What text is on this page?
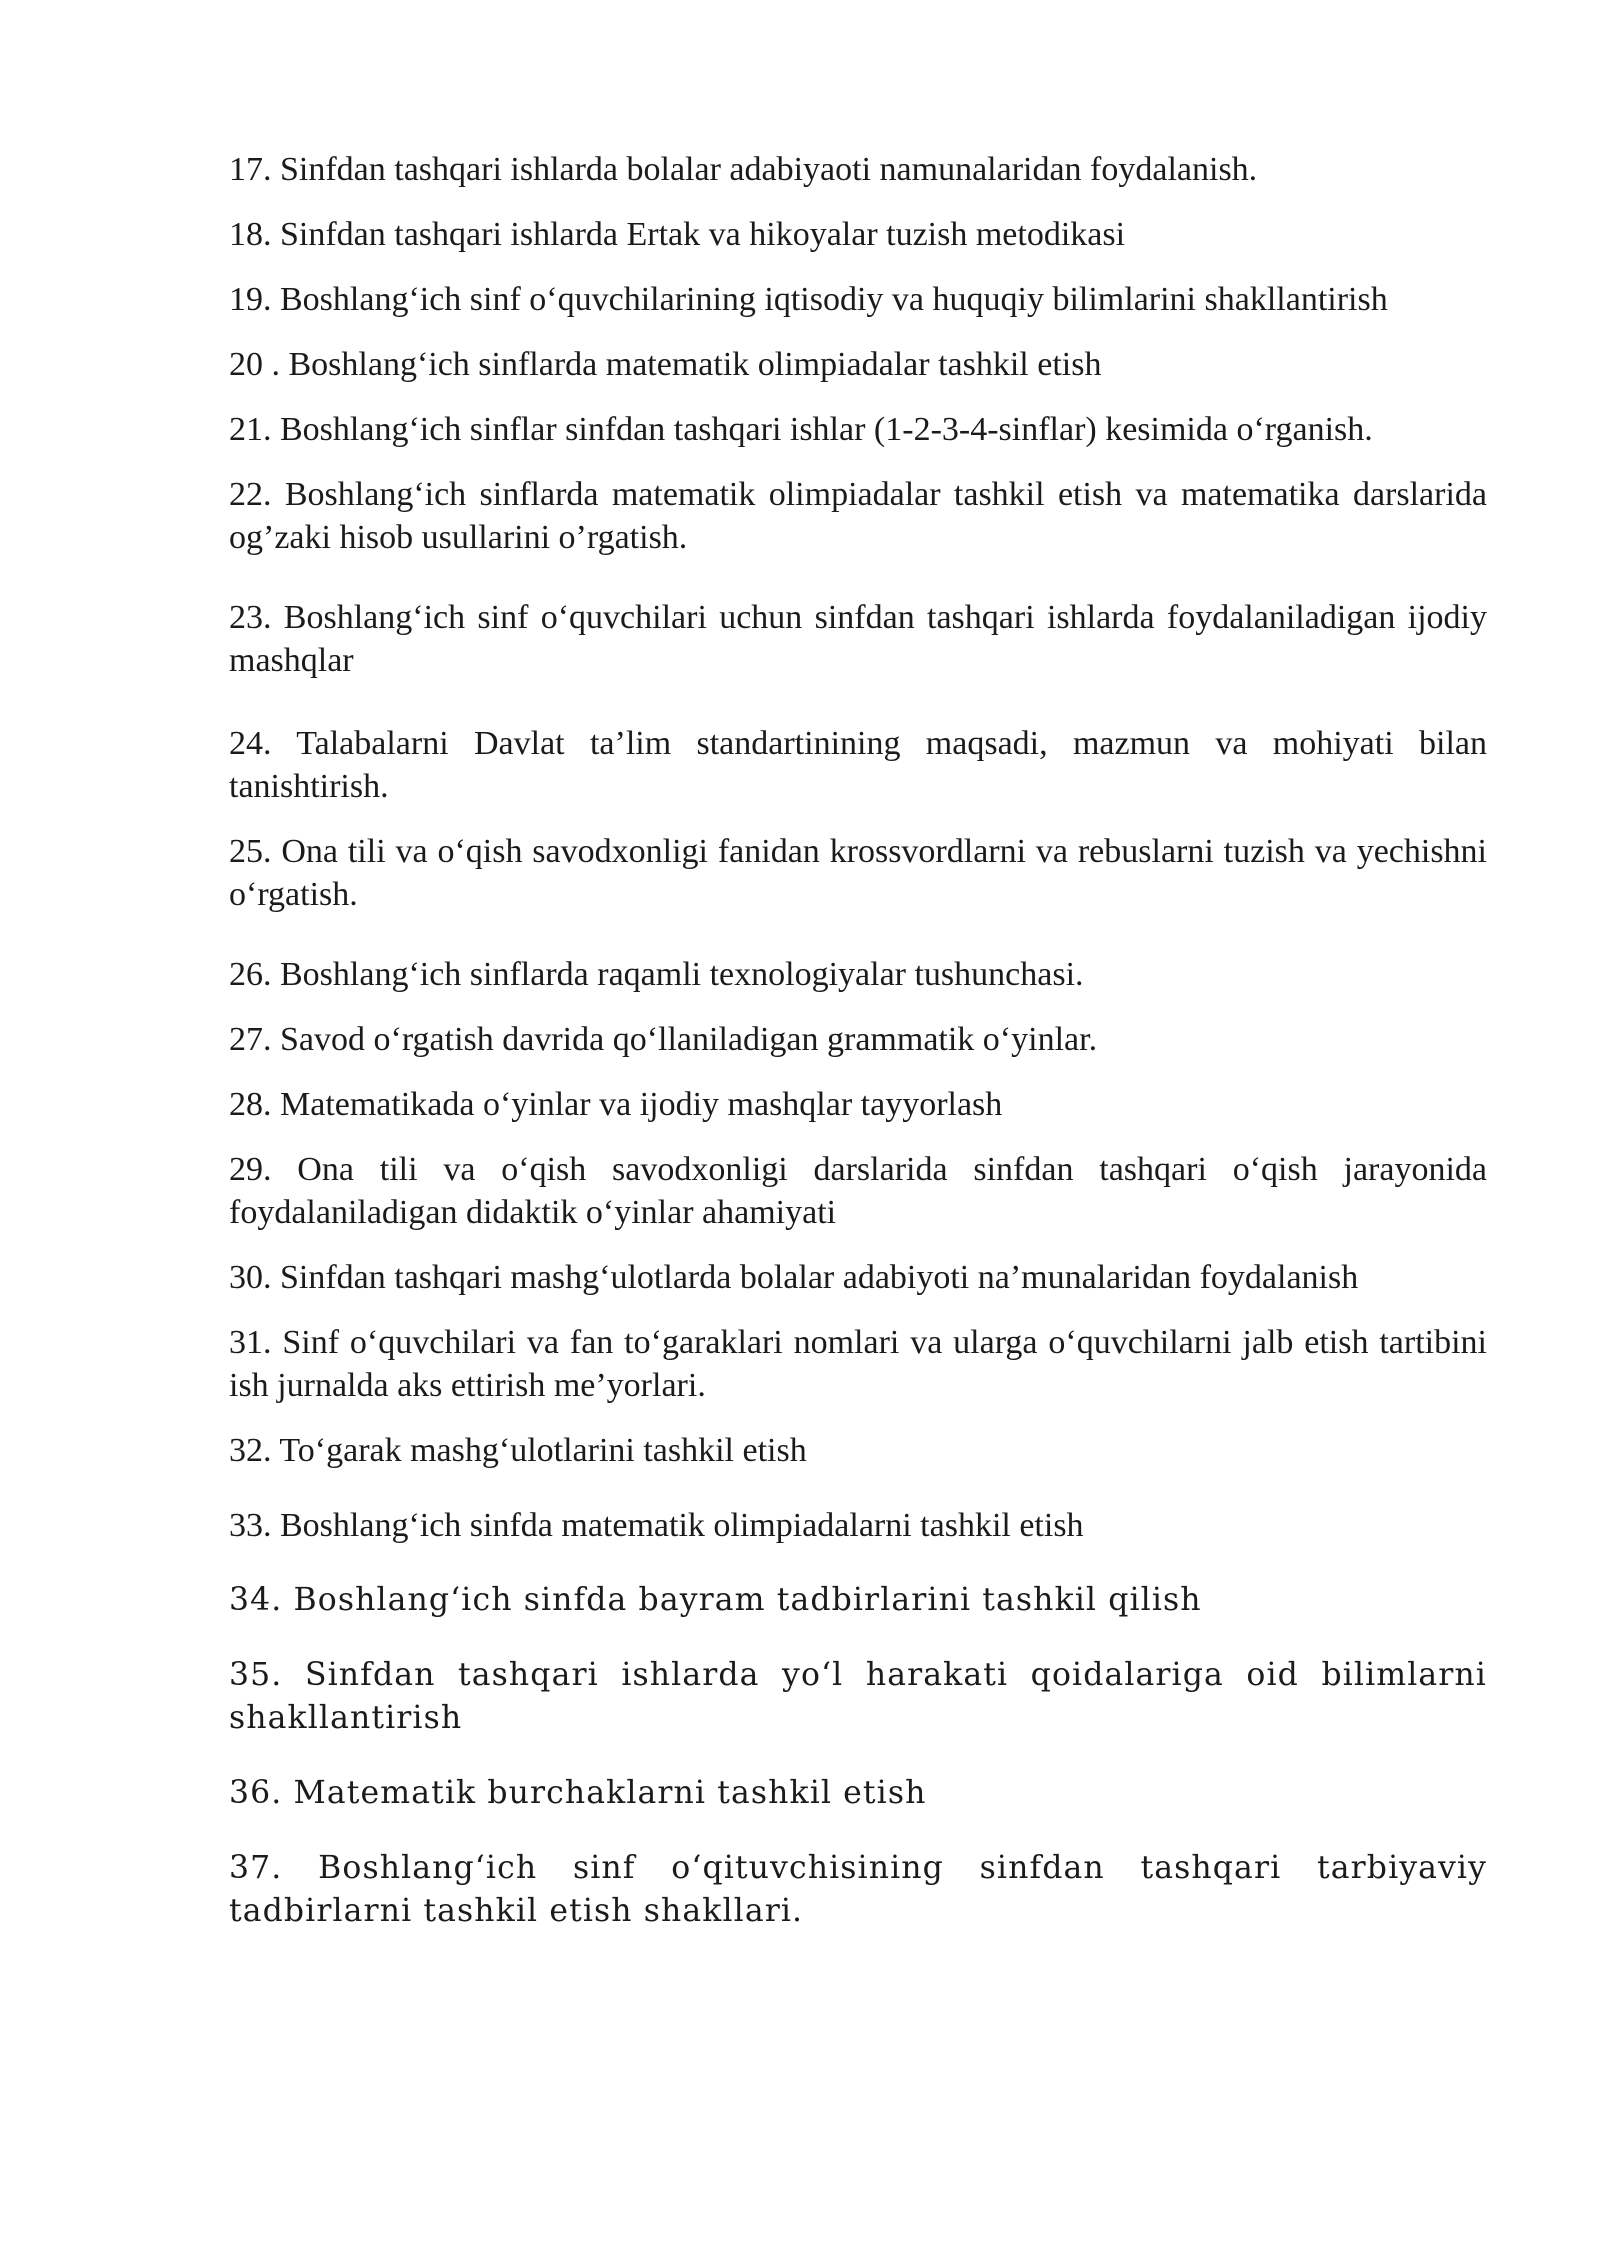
17. Sinfdan tashqari ishlarda bolalar adabiyaoti namunalaridan foydalanish.

18. Sinfdan tashqari ishlarda Ertak va hikoyalar tuzish metodikasi

19. Boshlang‘ich sinf o‘quvchilarining iqtisodiy va huquqiy bilimlarini shakllantirish

20 . Boshlang‘ich sinflarda matematik olimpiadalar tashkil etish

21. Boshlang‘ich sinflar sinfdan tashqari ishlar (1-2-3-4-sinflar) kesimida o‘rganish.

22. Boshlang‘ich sinflarda matematik olimpiadalar tashkil etish va matematika darslarida og’zaki hisob usullarini o’rgatish.

23. Boshlang‘ich sinf o‘quvchilari uchun sinfdan tashqari ishlarda foydalaniladigan ijodiy mashqlar

24. Talabalarni Davlat ta’lim standartinining maqsadi, mazmun va mohiyati bilan tanishtirish.

25. Ona tili va o‘qish savodxonligi fanidan krossvordlarni va rebuslarni tuzish va yechishni o‘rgatish.

26. Boshlang‘ich sinflarda raqamli texnologiyalar tushunchasi.

27. Savod o‘rgatish davrida qo‘llaniladigan grammatik o‘yinlar.

28. Matematikada o‘yinlar va ijodiy mashqlar tayyorlash

29. Ona tili va o‘qish savodxonligi darslarida sinfdan tashqari o‘qish jarayonida foydalaniladigan didaktik o‘yinlar ahamiyati

30. Sinfdan tashqari mashg‘ulotlarda bolalar adabiyoti na’munalaridan foydalanish

31. Sinf o‘quvchilari va fan to‘garaklari nomlari va ularga o‘quvchilarni jalb etish tartibini ish jurnalda aks ettirish me’yorlari.

32. To‘garak mashg‘ulotlarini tashkil etish

33. Boshlang‘ich sinfda matematik olimpiadalarni tashkil etish

34. Boshlang‘ich sinfda bayram tadbirlarini tashkil qilish

35. Sinfdan tashqari ishlarda yo‘l harakati qoidalariga oid bilimlarni shakllantirish

36. Matematik burchaklarni tashkil etish

37. Boshlang‘ich sinf o‘qituvchisining sinfdan tashqari tarbiyaviy tadbirlarni tashkil etish shakllari.
